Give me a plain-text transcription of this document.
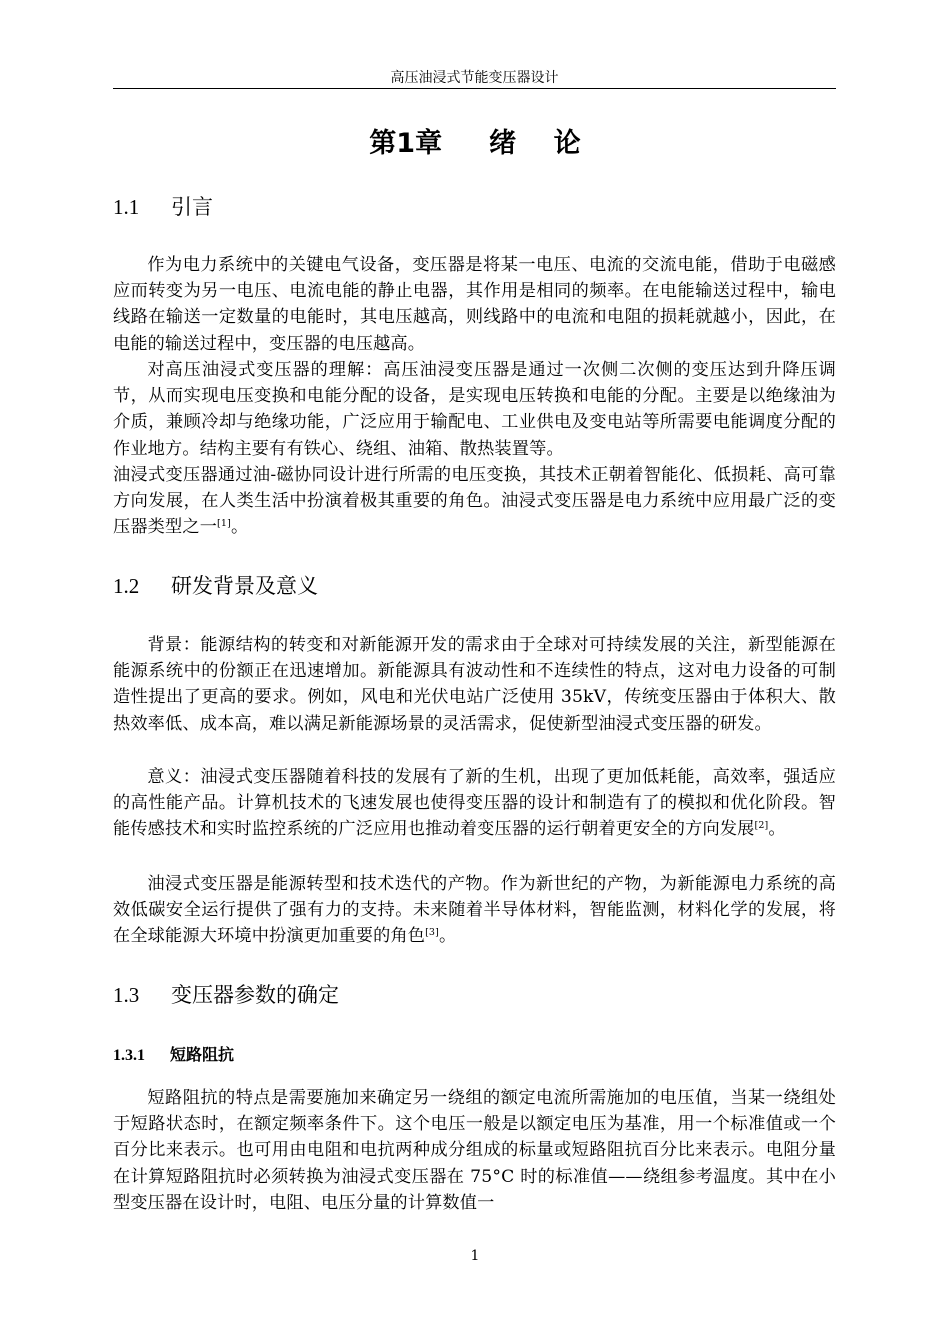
高压油浸式节能变压器设计
第1章     绪    论
1.1 引言

作为电力系统中的关键电气设备，变压器是将某一电压、电流的交流电能，借助于电磁感应而转变为另一电压、电流电能的静止电器，其作用是相同的频率。在电能输送过程中，输电线路在输送一定数量的电能时，其电压越高，则线路中的电流和电阻的损耗就越小，因此，在电能的输送过程中，变压器的电压越高。

对高压油浸式变压器的理解：高压油浸变压器是通过一次侧二次侧的变压达到升降压调节，从而实现电压变换和电能分配的设备，是实现电压转换和电能的分配。主要是以绝缘油为介质，兼顾冷却与绝缘功能，广泛应用于输配电、工业供电及变电站等所需要电能调度分配的作业地方。结构主要有有铁心、绕组、油箱、散热装置等。

油浸式变压器通过油-磁协同设计进行所需的电压变换，其技术正朝着智能化、低损耗、高可靠方向发展，在人类生活中扮演着极其重要的角色。油浸式变压器是电力系统中应用最广泛的变压器类型之一[1]。

1.2 研发背景及意义

背景：能源结构的转变和对新能源开发的需求由于全球对可持续发展的关注，新型能源在能源系统中的份额正在迅速增加。新能源具有波动性和不连续性的特点，这对电力设备的可制造性提出了更高的要求。例如，风电和光伏电站广泛使用 35kV，传统变压器由于体积大、散热效率低、成本高，难以满足新能源场景的灵活需求，促使新型油浸式变压器的研发。

意义：油浸式变压器随着科技的发展有了新的生机，出现了更加低耗能，高效率，强适应的高性能产品。计算机技术的飞速发展也使得变压器的设计和制造有了的模拟和优化阶段。智能传感技术和实时监控系统的广泛应用也推动着变压器的运行朝着更安全的方向发展[2]。

油浸式变压器是能源转型和技术迭代的产物。作为新世纪的产物，为新能源电力系统的高效低碳安全运行提供了强有力的支持。未来随着半导体材料，智能监测，材料化学的发展，将在全球能源大环境中扮演更加重要的角色[3]。

1.3 变压器参数的确定
1.3.1 短路阻抗

短路阻抗的特点是需要施加来确定另一绕组的额定电流所需施加的电压值，当某一绕组处于短路状态时，在额定频率条件下。这个电压一般是以额定电压为基准，用一个标准值或一个百分比来表示。也可用由电阻和电抗两种成分组成的标量或短路阻抗百分比来表示。电阻分量在计算短路阻抗时必须转换为油浸式变压器在 75°C 时的标准值——绕组参考温度。其中在小型变压器在设计时，电阻、电压分量的计算数值一

1
